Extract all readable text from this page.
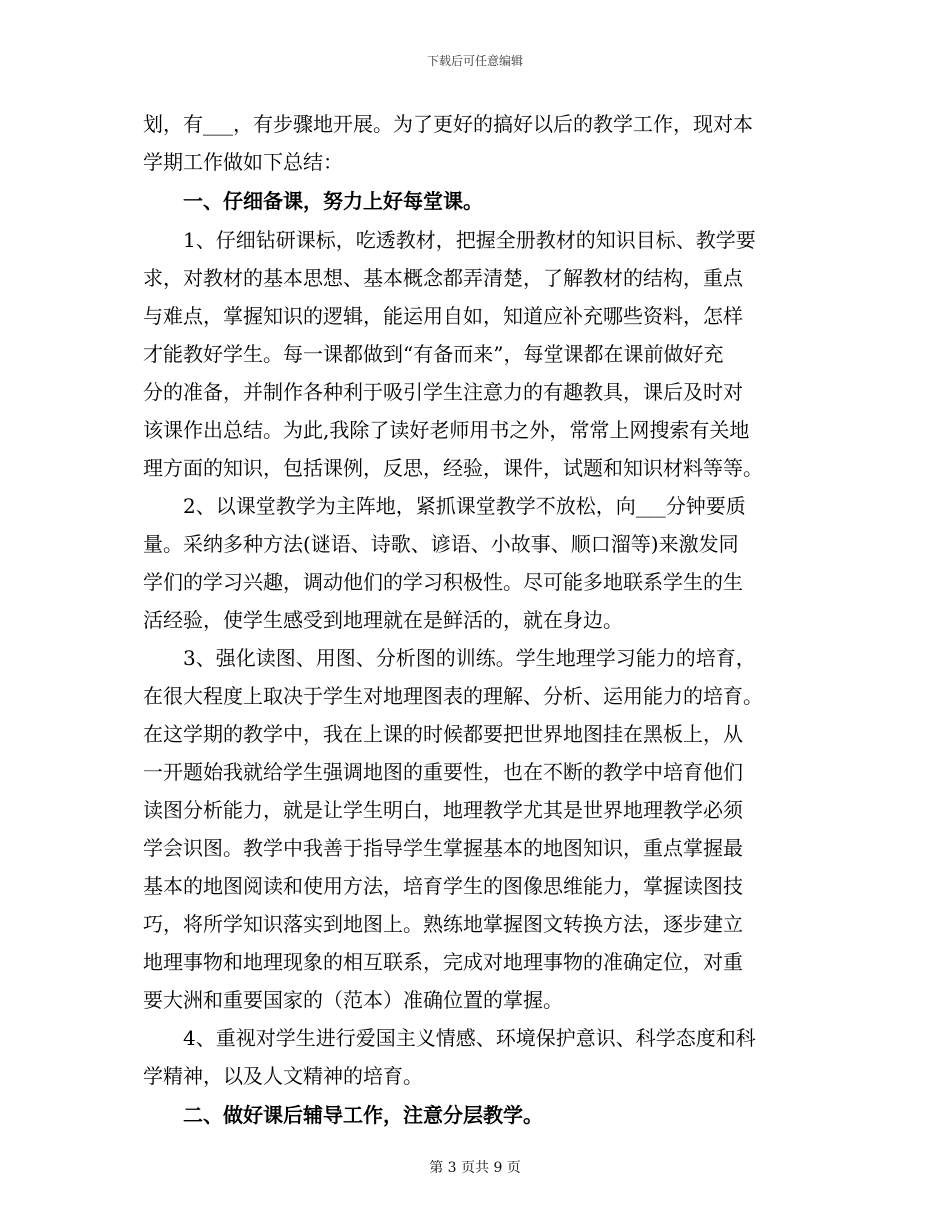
下载后可任意编辑
划，有___，有步骤地开展。为了更好的搞好以后的教学工作，现对本
学期工作做如下总结：
一、仔细备课，努力上好每堂课。
1、仔细钻研课标，吃透教材，把握全册教材的知识目标、教学要
求，对教材的基本思想、基本概念都弄清楚，了解教材的结构，重点
与难点，掌握知识的逻辑，能运用自如，知道应补充哪些资料，怎样
才能教好学生。每一课都做到“有备而来”，每堂课都在课前做好充
分的准备，并制作各种利于吸引学生注意力的有趣教具，课后及时对
该课作出总结。为此,我除了读好老师用书之外，常常上网搜索有关地
理方面的知识，包括课例，反思，经验，课件，试题和知识材料等等。
2、以课堂教学为主阵地，紧抓课堂教学不放松，向___分钟要质
量。采纳多种方法(谜语、诗歌、谚语、小故事、顺口溜等)来激发同
学们的学习兴趣，调动他们的学习积极性。尽可能多地联系学生的生
活经验，使学生感受到地理就在是鲜活的，就在身边。
3、强化读图、用图、分析图的训练。学生地理学习能力的培育，
在很大程度上取决于学生对地理图表的理解、分析、运用能力的培育。
在这学期的教学中，我在上课的时候都要把世界地图挂在黑板上，从
一开题始我就给学生强调地图的重要性，也在不断的教学中培育他们
读图分析能力，就是让学生明白，地理教学尤其是世界地理教学必须
学会识图。教学中我善于指导学生掌握基本的地图知识，重点掌握最
基本的地图阅读和使用方法，培育学生的图像思维能力，掌握读图技
巧，将所学知识落实到地图上。熟练地掌握图文转换方法，逐步建立
地理事物和地理现象的相互联系，完成对地理事物的准确定位，对重
要大洲和重要国家的（范本）准确位置的掌握。
4、重视对学生进行爱国主义情感、环境保护意识、科学态度和科
学精神，以及人文精神的培育。
二、做好课后辅导工作，注意分层教学。
第 3 页共 9 页
